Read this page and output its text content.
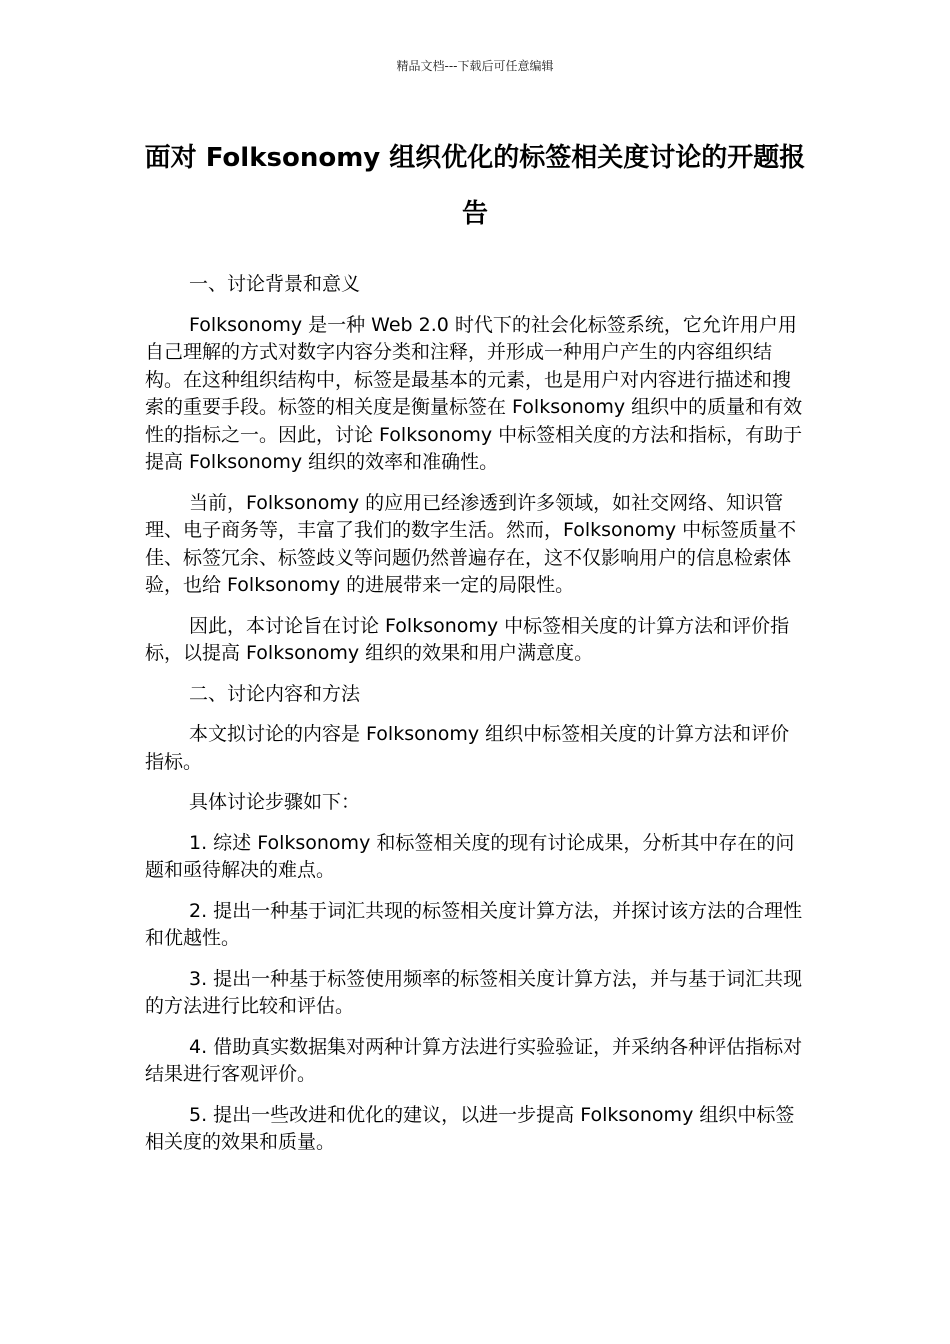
精品文档---下载后可任意编辑
面对 Folksonomy 组织优化的标签相关度讨论的开题报告

一、讨论背景和意义

Folksonomy 是一种 Web 2.0 时代下的社会化标签系统，它允许用户用自己理解的方式对数字内容分类和注释，并形成一种用户产生的内容组织结构。在这种组织结构中，标签是最基本的元素，也是用户对内容进行描述和搜索的重要手段。标签的相关度是衡量标签在 Folksonomy 组织中的质量和有效性的指标之一。因此，讨论 Folksonomy 中标签相关度的方法和指标，有助于提高 Folksonomy 组织的效率和准确性。

当前，Folksonomy 的应用已经渗透到许多领域，如社交网络、知识管理、电子商务等，丰富了我们的数字生活。然而，Folksonomy 中标签质量不佳、标签冗余、标签歧义等问题仍然普遍存在，这不仅影响用户的信息检索体验，也给 Folksonomy 的进展带来一定的局限性。

因此，本讨论旨在讨论 Folksonomy 中标签相关度的计算方法和评价指标，以提高 Folksonomy 组织的效果和用户满意度。

二、讨论内容和方法

本文拟讨论的内容是 Folksonomy 组织中标签相关度的计算方法和评价指标。

具体讨论步骤如下：

1. 综述 Folksonomy 和标签相关度的现有讨论成果，分析其中存在的问题和亟待解决的难点。

2. 提出一种基于词汇共现的标签相关度计算方法，并探讨该方法的合理性和优越性。

3. 提出一种基于标签使用频率的标签相关度计算方法，并与基于词汇共现的方法进行比较和评估。

4. 借助真实数据集对两种计算方法进行实验验证，并采纳各种评估指标对结果进行客观评价。

5. 提出一些改进和优化的建议，以进一步提高 Folksonomy 组织中标签相关度的效果和质量。
